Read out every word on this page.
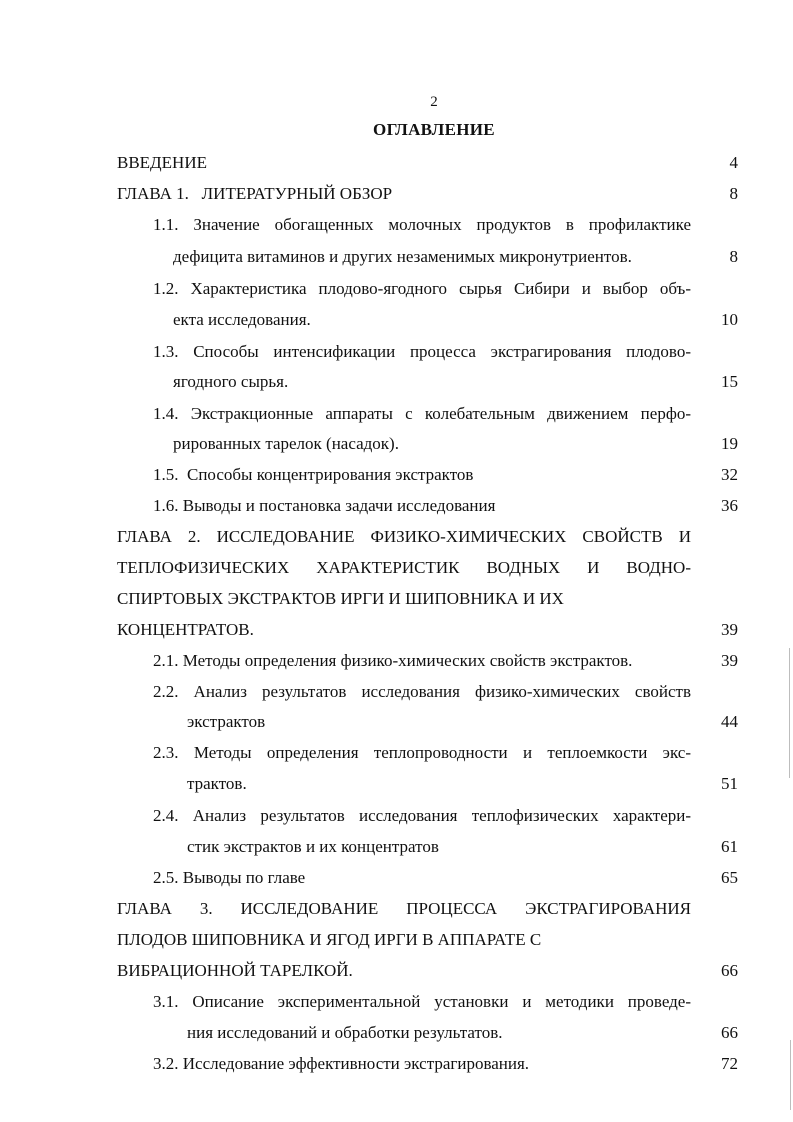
2
ОГЛАВЛЕНИЕ
ВВЕДЕНИЕ	4
ГЛАВА 1.   ЛИТЕРАТУРНЫЙ ОБЗОР	8
1.1. Значение обогащенных молочных продуктов в профилактике
дефицита витаминов и других незаменимых микронутриентов.	8
1.2. Характеристика плодово-ягодного сырья Сибири и выбор объ-
екта исследования.	10
1.3. Способы интенсификации процесса экстрагирования плодово-
ягодного сырья.	15
1.4. Экстракционные аппараты с колебательным движением перфо-
рированных тарелок (насадок).	19
1.5.  Способы концентрирования экстрактов	32
1.6. Выводы и постановка задачи исследования	36
ГЛАВА 2. ИССЛЕДОВАНИЕ ФИЗИКО-ХИМИЧЕСКИХ СВОЙСТВ И
ТЕПЛОФИЗИЧЕСКИХ ХАРАКТЕРИСТИК ВОДНЫХ И ВОДНО-
СПИРТОВЫХ ЭКСТРАКТОВ ИРГИ И ШИПОВНИКА И ИХ
КОНЦЕНТРАТОВ.	39
2.1. Методы определения физико-химических свойств экстрактов.	39
2.2. Анализ результатов исследования физико-химических свойств
экстрактов	44
2.3. Методы определения теплопроводности и теплоемкости экс-
трактов.	51
2.4. Анализ результатов исследования теплофизических характери-
стик экстрактов и их концентратов	61
2.5. Выводы по главе	65
ГЛАВА 3. ИССЛЕДОВАНИЕ ПРОЦЕССА ЭКСТРАГИРОВАНИЯ
ПЛОДОВ ШИПОВНИКА И ЯГОД ИРГИ В АППАРАТЕ С
ВИБРАЦИОННОЙ ТАРЕЛКОЙ.	66
3.1. Описание экспериментальной установки и методики проведе-
ния исследований и обработки результатов.	66
3.2. Исследование эффективности экстрагирования.	72
